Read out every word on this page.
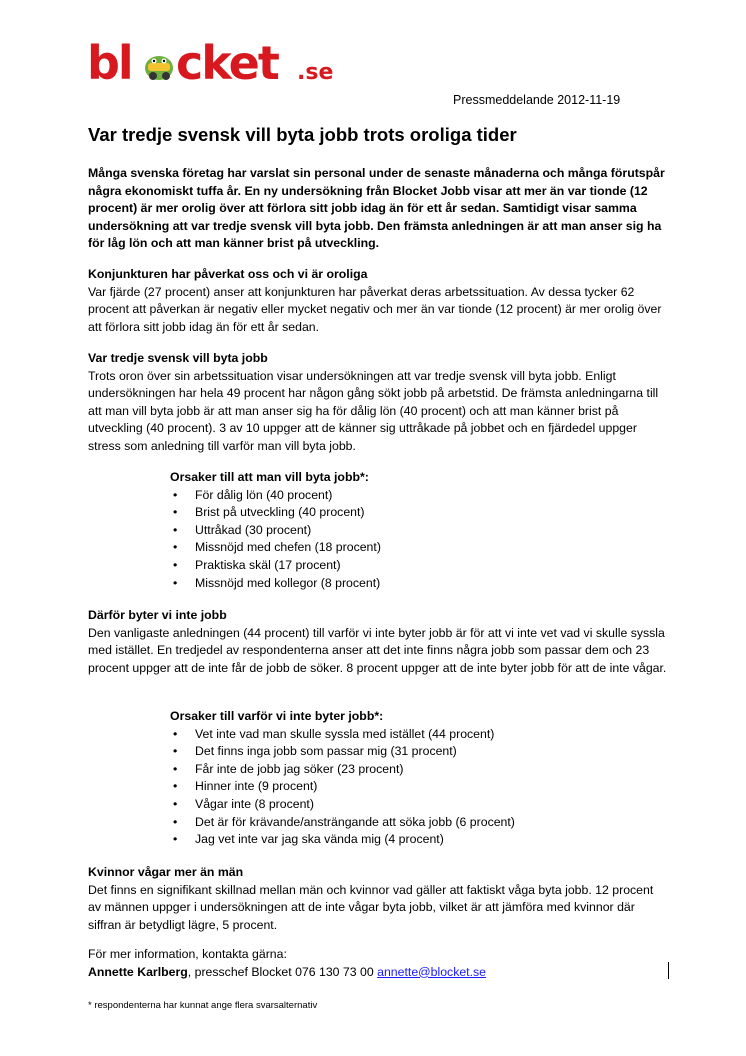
bl cket .se
Pressmeddelande 2012-11-19
Var tredje svensk vill byta jobb trots oroliga tider
Många svenska företag har varslat sin personal under de senaste månaderna och många förutspår några ekonomiskt tuffa år. En ny undersökning från Blocket Jobb visar att mer än var tionde (12 procent) är mer orolig över att förlora sitt jobb idag än för ett år sedan. Samtidigt visar samma undersökning att var tredje svensk vill byta jobb. Den främsta anledningen är att man anser sig ha för låg lön och att man känner brist på utveckling.
Konjunkturen har påverkat oss och vi är oroliga
Var fjärde (27 procent) anser att konjunkturen har påverkat deras arbetssituation. Av dessa tycker 62 procent att påverkan är negativ eller mycket negativ och mer än var tionde (12 procent) är mer orolig över att förlora sitt jobb idag än för ett år sedan.
Var tredje svensk vill byta jobb
Trots oron över sin arbetssituation visar undersökningen att var tredje svensk vill byta jobb. Enligt undersökningen har hela 49 procent har någon gång sökt jobb på arbetstid. De främsta anledningarna till att man vill byta jobb är att man anser sig ha för dålig lön (40 procent) och att man känner brist på utveckling (40 procent). 3 av 10 uppger att de känner sig uttråkade på jobbet och en fjärdedel uppger stress som anledning till varför man vill byta jobb.
Orsaker till att man vill byta jobb*:
• För dålig lön (40 procent)
• Brist på utveckling (40 procent)
• Uttråkad (30 procent)
• Missnöjd med chefen (18 procent)
• Praktiska skäl (17 procent)
• Missnöjd med kollegor (8 procent)
Därför byter vi inte jobb
Den vanligaste anledningen (44 procent) till varför vi inte byter jobb är för att vi inte vet vad vi skulle syssla med istället. En tredjedel av respondenterna anser att det inte finns några jobb som passar dem och 23 procent uppger att de inte får de jobb de söker. 8 procent uppger att de inte byter jobb för att de inte vågar.
Orsaker till varför vi inte byter jobb*:
• Vet inte vad man skulle syssla med istället (44 procent)
• Det finns inga jobb som passar mig (31 procent)
• Får inte de jobb jag söker (23 procent)
• Hinner inte (9 procent)
• Vågar inte (8 procent)
• Det är för krävande/ansträngande att söka jobb (6 procent)
• Jag vet inte var jag ska vända mig (4 procent)
Kvinnor vågar mer än män
Det finns en signifikant skillnad mellan män och kvinnor vad gäller att faktiskt våga byta jobb. 12 procent av männen uppger i undersökningen att de inte vågar byta jobb, vilket är att jämföra med kvinnor där siffran är betydligt lägre, 5 procent.
För mer information, kontakta gärna:
Annette Karlberg, presschef Blocket 076 130 73 00 annette@blocket.se
* respondenterna har kunnat ange flera svarsalternativ
